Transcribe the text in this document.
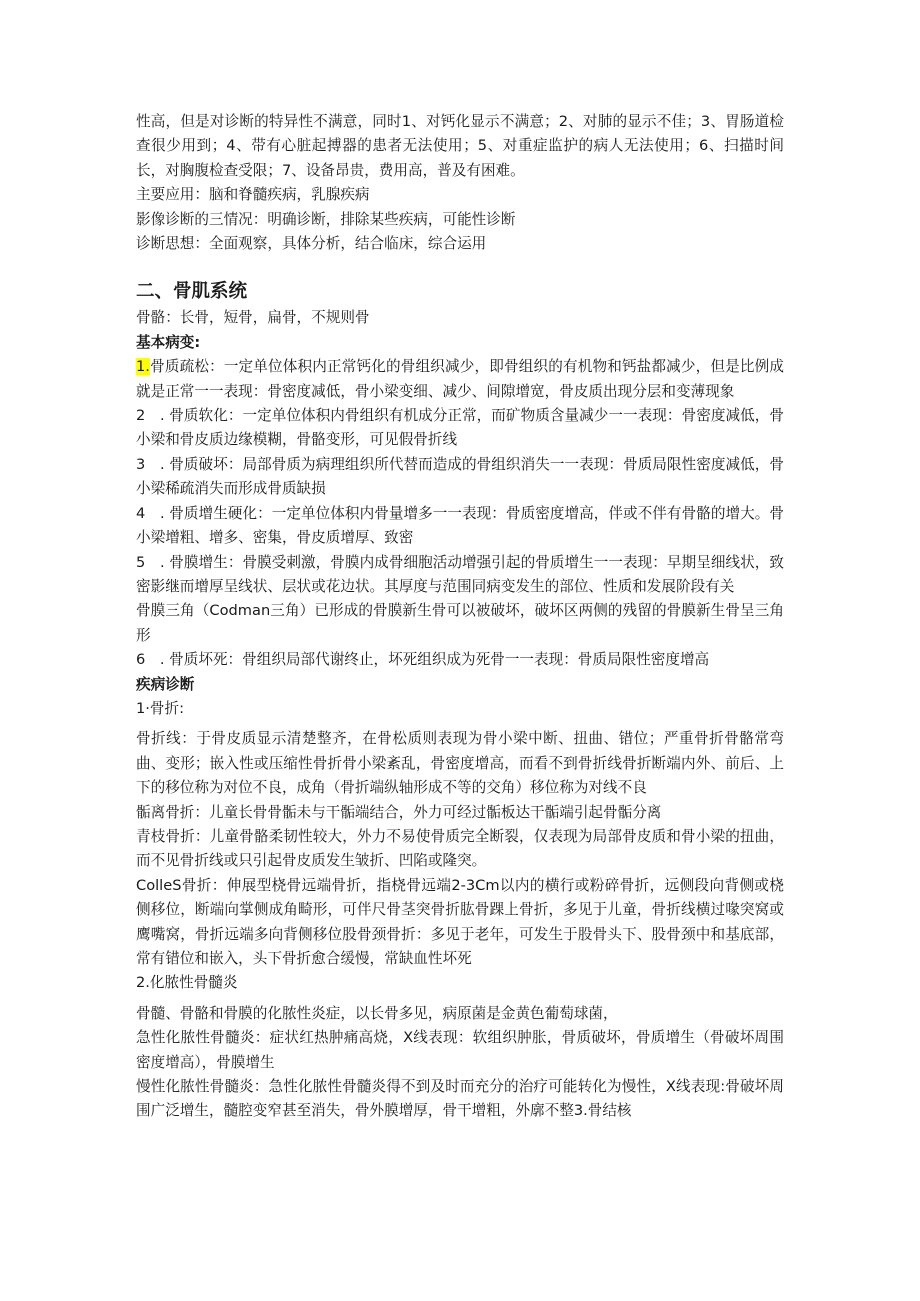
性高，但是对诊断的特异性不满意，同时1、对钙化显示不满意；2、对肺的显示不佳；3、胃肠道检查很少用到；4、带有心脏起搏器的患者无法使用；5、对重症监护的病人无法使用；6、扫描时间长，对胸腹检查受限；7、设备昂贵，费用高，普及有困难。

主要应用：脑和脊髓疾病，乳腺疾病

影像诊断的三情况：明确诊断，排除某些疾病，可能性诊断

诊断思想：全面观察，具体分析，结合临床，综合运用

二、骨肌系统

骨骼：长骨，短骨，扁骨，不规则骨

基本病变:

1.骨质疏松：一定单位体积内正常钙化的骨组织减少，即骨组织的有机物和钙盐都减少，但是比例成就是正常一一表现：骨密度减低，骨小梁变细、减少、间隙增宽，骨皮质出现分层和变薄现象

2　. 骨质软化：一定单位体积内骨组织有机成分正常，而矿物质含量减少一一表现：骨密度减低，骨小梁和骨皮质边缘模糊，骨骼变形，可见假骨折线

3　. 骨质破坏：局部骨质为病理组织所代替而造成的骨组织消失一一表现：骨质局限性密度减低，骨小梁稀疏消失而形成骨质缺损

4　. 骨质增生硬化：一定单位体积内骨量增多一一表现：骨质密度增高，伴或不伴有骨骼的增大。骨小梁增粗、增多、密集，骨皮质增厚、致密

5　. 骨膜增生：骨膜受刺激，骨膜内成骨细胞活动增强引起的骨质增生一一表现：早期呈细线状，致密影继而增厚呈线状、层状或花边状。其厚度与范围同病变发生的部位、性质和发展阶段有关

骨膜三角（Codman三角）已形成的骨膜新生骨可以被破坏，破坏区两侧的残留的骨膜新生骨呈三角形

6　. 骨质坏死：骨组织局部代谢终止，坏死组织成为死骨一一表现：骨质局限性密度增高

疾病诊断

1·骨折:

骨折线：于骨皮质显示清楚整齐，在骨松质则表现为骨小梁中断、扭曲、错位；严重骨折骨骼常弯曲、变形；嵌入性或压缩性骨折骨小梁紊乱，骨密度增高，而看不到骨折线骨折断端内外、前后、上下的移位称为对位不良，成角（骨折端纵轴形成不等的交角）移位称为对线不良

骺离骨折：儿童长骨骨骺未与干骺端结合，外力可经过骺板达干骺端引起骨骺分离

青枝骨折：儿童骨骼柔韧性较大，外力不易使骨质完全断裂，仅表现为局部骨皮质和骨小梁的扭曲，而不见骨折线或只引起骨皮质发生皱折、凹陷或隆突。

ColleS骨折：伸展型桡骨远端骨折，指桡骨远端2-3Cm以内的横行或粉碎骨折，远侧段向背侧或桡侧移位，断端向掌侧成角畸形，可伴尺骨茎突骨折肱骨踝上骨折，多见于儿童，骨折线横过喙突窝或鹰嘴窝，骨折远端多向背侧移位股骨颈骨折：多见于老年，可发生于股骨头下、股骨颈中和基底部，常有错位和嵌入，头下骨折愈合缓慢，常缺血性坏死

2.化脓性骨髓炎

骨髓、骨骼和骨膜的化脓性炎症，以长骨多见，病原菌是金黄色葡萄球菌，

急性化脓性骨髓炎：症状红热肿痛高烧，X线表现：软组织肿胀，骨质破坏，骨质增生（骨破坏周围密度增高），骨膜增生

慢性化脓性骨髓炎：急性化脓性骨髓炎得不到及时而充分的治疗可能转化为慢性，X线表现:骨破坏周围广泛增生，髓腔变窄甚至消失，骨外膜增厚，骨干增粗，外廓不整3.骨结核
